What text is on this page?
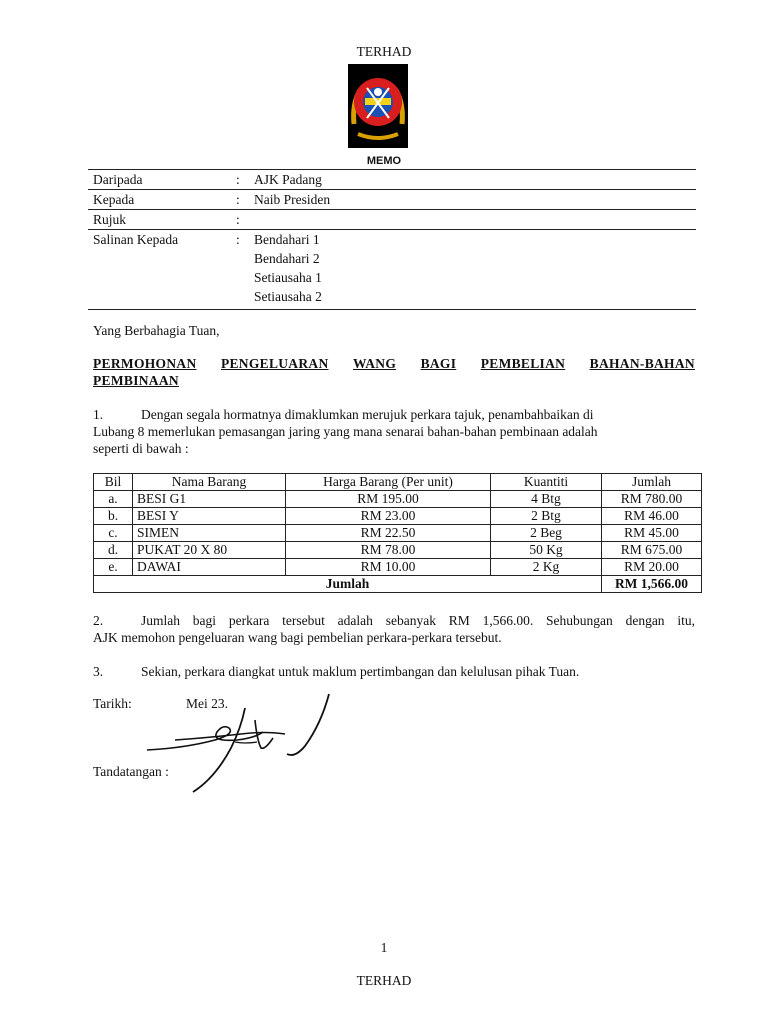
TERHAD
MEMO
Daripada	:	AJK Padang
Kepada	:	Naib Presiden
Rujuk	:	
Salinan Kepada	:	Bendahari 1
Bendahari 2
Setiausaha 1
Setiausaha 2
Yang Berbahagia Tuan,
PERMOHONAN PENGELUARAN WANG BAGI PEMBELIAN BAHAN-BAHAN
PEMBINAAN
1.	Dengan segala hormatnya dimaklumkan merujuk perkara tajuk, penambahbaikan di
Lubang 8 memerlukan pemasangan jaring yang mana senarai bahan-bahan pembinaan adalah
seperti di bawah :
Bil	Nama Barang	Harga Barang (Per unit)	Kuantiti	Jumlah
a.	BESI G1	RM 195.00	4 Btg	RM 780.00
b.	BESI Y	RM 23.00	2 Btg	RM 46.00
c.	SIMEN	RM 22.50	2 Beg	RM 45.00
d.	PUKAT 20 X 80	RM 78.00	50 Kg	RM 675.00
e.	DAWAI	RM 10.00	2 Kg	RM 20.00
Jumlah				RM 1,566.00
2.	Jumlah bagi perkara tersebut adalah sebanyak RM 1,566.00. Sehubungan dengan itu,
AJK memohon pengeluaran wang bagi pembelian perkara-perkara tersebut.
3.	Sekian, perkara diangkat untuk maklum pertimbangan dan kelulusan pihak Tuan.
Tarikh:	Mei 23.
Tandatangan :
1
TERHAD
